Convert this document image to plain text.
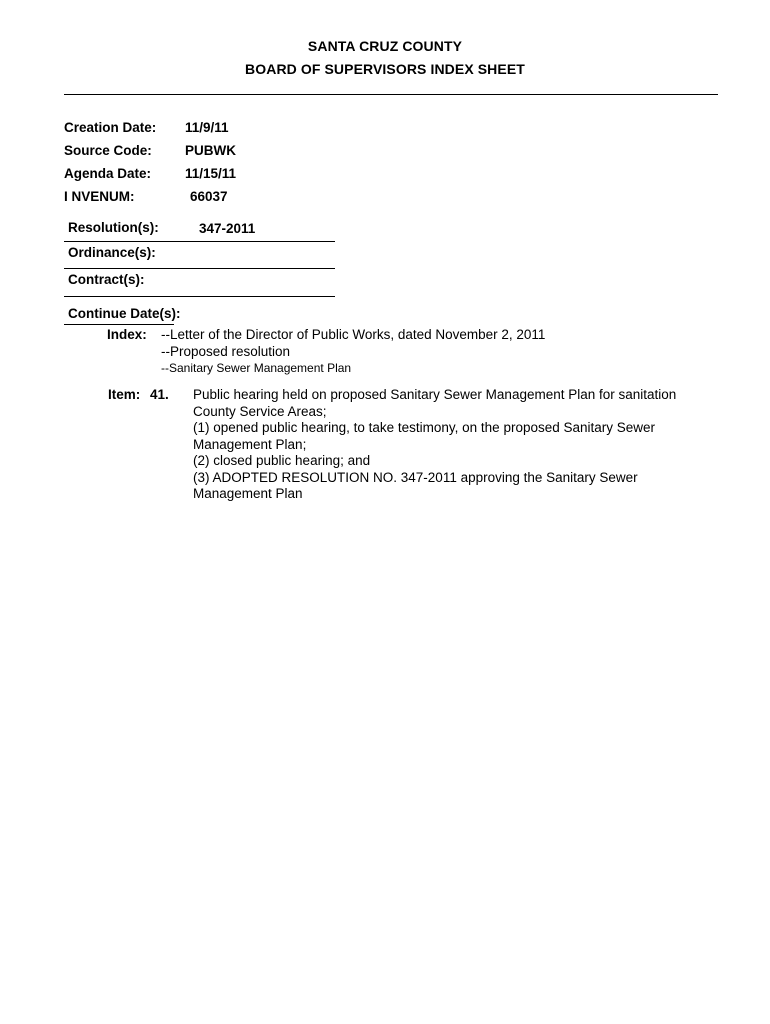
SANTA CRUZ COUNTY
BOARD OF SUPERVISORS INDEX SHEET
Creation Date: 11/9/11
Source Code: PUBWK
Agenda Date:	11/15/11
I NVENUM:	66037
Resolution(s):	347-2011
Ordinance(s):
Contract(s):
Continue Date(s):
Index: --Letter of the Director of Public Works, dated November 2, 2011
--Proposed resolution
--Sanitary Sewer Management Plan
Item: 41. Public hearing held on proposed Sanitary Sewer Management Plan for sanitation
County Service Areas;
(1) opened public hearing, to take testimony, on the proposed Sanitary Sewer
Management Plan;
(2) closed public hearing; and
(3) ADOPTED RESOLUTION NO. 347-2011 approving the Sanitary Sewer
Management Plan
